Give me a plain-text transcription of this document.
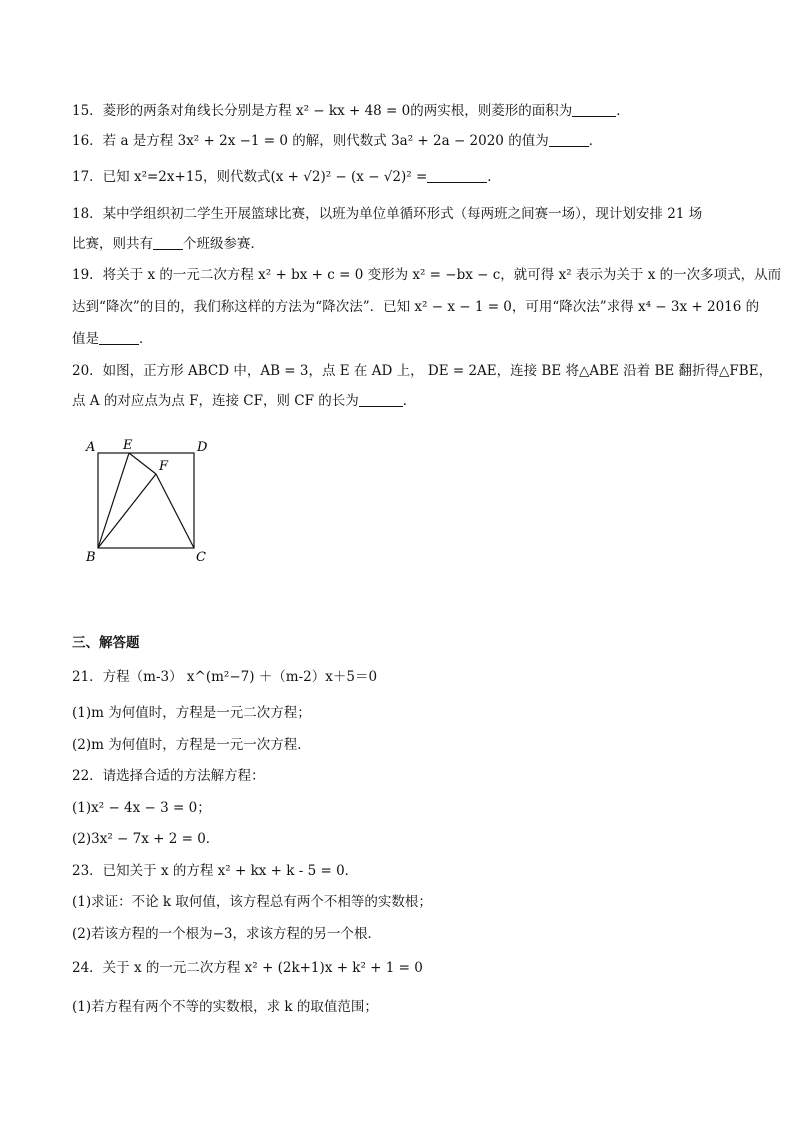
15．菱形的两条对角线长分别是方程 x² − kx + 48 = 0的两实根，则菱形的面积为	．
16．若 a 是方程 3x² + 2x −1 = 0 的解，则代数式 3a² + 2a − 2020 的值为	．
17．已知 x²=2x+15，则代数式(x + √2)² − (x − √2)² =	．
18．某中学组织初二学生开展篮球比赛，以班为单位单循环形式（每两班之间赛一场），现计划安排 21 场
比赛，则共有 个班级参赛．
19．将关于 x 的一元二次方程 x² + bx + c = 0 变形为 x² = −bx − c，就可得 x² 表示为关于 x 的一次多项式，从而
达到“降次”的目的，我们称这样的方法为“降次法”．已知 x² − x − 1 = 0，可用“降次法”求得 x⁴ − 3x + 2016 的
值是	．
20．如图，正方形 ABCD 中，AB = 3，点 E 在 AD 上， DE = 2AE，连接 BE 将△ABE 沿着 BE 翻折得△FBE，
点 A 的对应点为点 F，连接 CF，则 CF 的长为	．
A E	D
F
B	C
三、解答题
21．方程（m-3） x^(m²−7) ＋（m-2）x＋5＝0
(1)m 为何值时，方程是一元二次方程；
(2)m 为何值时，方程是一元一次方程．
22．请选择合适的方法解方程：
(1)x² − 4x − 3 = 0；
(2)3x² − 7x + 2 = 0．
23．已知关于 x 的方程 x² + kx + k - 5 = 0．
(1)求证：不论 k 取何值，该方程总有两个不相等的实数根；
(2)若该方程的一个根为−3，求该方程的另一个根．
24．关于 x 的一元二次方程 x² + (2k+1)x + k² + 1 = 0
(1)若方程有两个不等的实数根，求 k 的取值范围；
